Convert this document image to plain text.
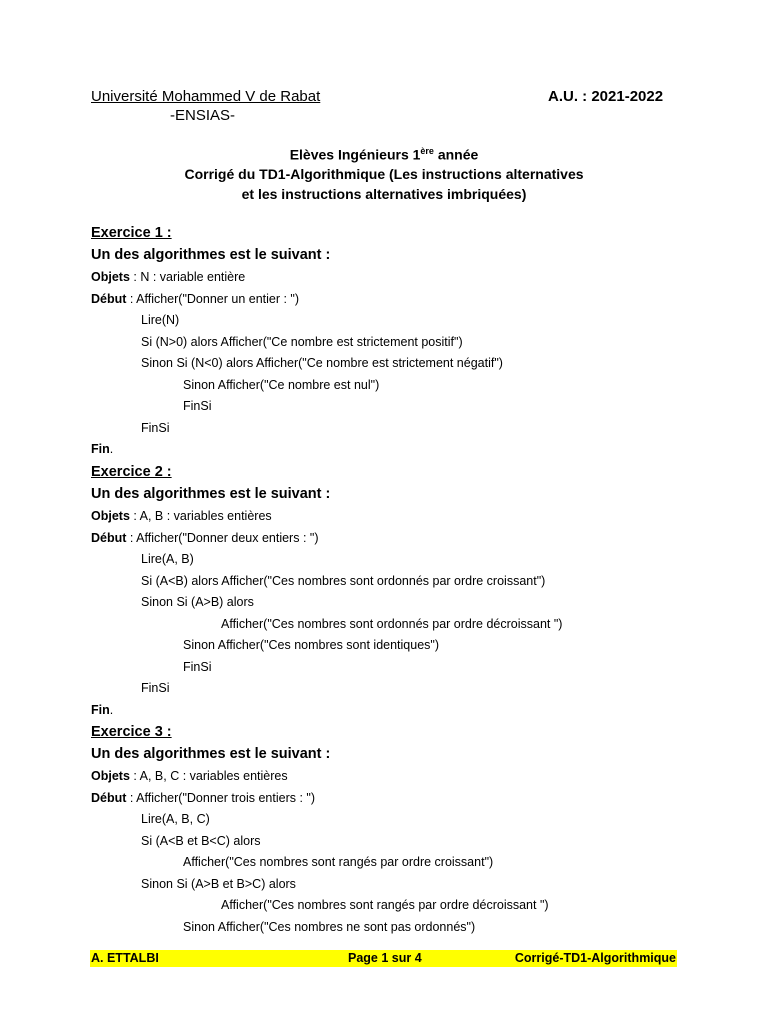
Université Mohammed V de Rabat
-ENSIAS-
A.U. : 2021-2022
Elèves Ingénieurs 1ère année
Corrigé du TD1-Algorithmique (Les instructions alternatives
et les instructions alternatives imbriquées)
Exercice 1 :
Un des algorithmes est le suivant :
Objets : N : variable entière
Début : Afficher("Donner un entier : ")
Lire(N)
Si (N>0) alors Afficher("Ce nombre est strictement positif")
Sinon Si (N<0) alors Afficher("Ce nombre est strictement négatif")
Sinon Afficher("Ce nombre est nul")
FinSi
FinSi
Fin.
Exercice 2 :
Un des algorithmes est le suivant :
Objets : A, B : variables entières
Début : Afficher("Donner deux entiers : ")
Lire(A, B)
Si (A<B) alors Afficher("Ces nombres sont ordonnés par ordre croissant")
Sinon Si (A>B) alors
Afficher("Ces nombres sont ordonnés par ordre décroissant ")
Sinon Afficher("Ces nombres sont identiques")
FinSi
FinSi
Fin.
Exercice 3 :
Un des algorithmes est le suivant :
Objets : A, B, C : variables entières
Début : Afficher("Donner trois entiers : ")
Lire(A, B, C)
Si (A<B et B<C) alors
Afficher("Ces nombres sont rangés par ordre croissant")
Sinon Si (A>B et B>C) alors
Afficher("Ces nombres sont rangés par ordre décroissant ")
Sinon Afficher("Ces nombres ne sont pas ordonnés")
A. ETTALBI	Page 1 sur 4	Corrigé-TD1-Algorithmique
